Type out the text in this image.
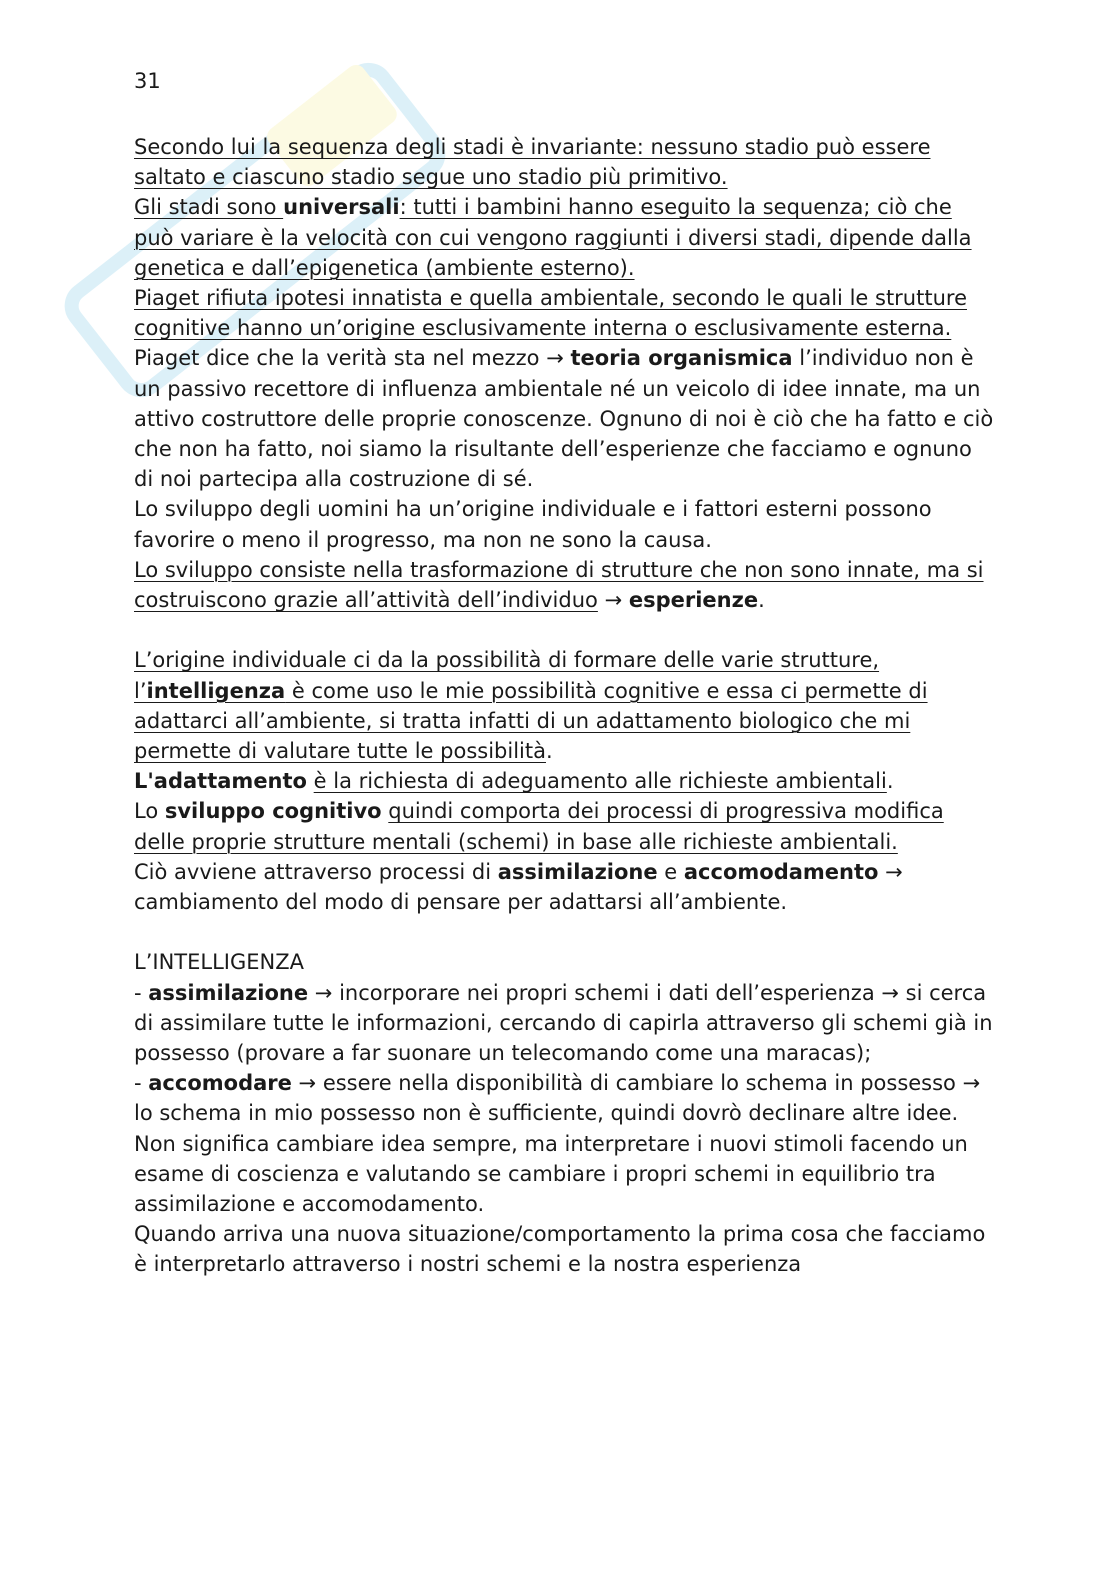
31

Secondo lui la sequenza degli stadi è invariante: nessuno stadio può essere saltato e ciascuno stadio segue uno stadio più primitivo.

Gli stadi sono universali: tutti i bambini hanno eseguito la sequenza; ciò che può variare è la velocità con cui vengono raggiunti i diversi stadi, dipende dalla genetica e dall’epigenetica (ambiente esterno).

Piaget rifiuta ipotesi innatista e quella ambientale, secondo le quali le strutture cognitive hanno un’origine esclusivamente interna o esclusivamente esterna.

Piaget dice che la verità sta nel mezzo → teoria organismica l’individuo non è un passivo recettore di influenza ambientale né un veicolo di idee innate, ma un attivo costruttore delle proprie conoscenze. Ognuno di noi è ciò che ha fatto e ciò che non ha fatto, noi siamo la risultante dell’esperienze che facciamo e ognuno di noi partecipa alla costruzione di sé.

Lo sviluppo degli uomini ha un’origine individuale e i fattori esterni possono favorire o meno il progresso, ma non ne sono la causa.

Lo sviluppo consiste nella trasformazione di strutture che non sono innate, ma si costruiscono grazie all’attività dell’individuo → esperienze.

L’origine individuale ci da la possibilità di formare delle varie strutture, l’intelligenza è come uso le mie possibilità cognitive e essa ci permette di adattarci all’ambiente, si tratta infatti di un adattamento biologico che mi permette di valutare tutte le possibilità.

L'adattamento è la richiesta di adeguamento alle richieste ambientali.

Lo sviluppo cognitivo quindi comporta dei processi di progressiva modifica delle proprie strutture mentali (schemi) in base alle richieste ambientali.

Ciò avviene attraverso processi di assimilazione e accomodamento → cambiamento del modo di pensare per adattarsi all’ambiente.

L’INTELLIGENZA

- assimilazione → incorporare nei propri schemi i dati dell’esperienza → si cerca di assimilare tutte le informazioni, cercando di capirla attraverso gli schemi già in possesso (provare a far suonare un telecomando come una maracas);

- accomodare → essere nella disponibilità di cambiare lo schema in possesso → lo schema in mio possesso non è sufficiente, quindi dovrò declinare altre idee. Non significa cambiare idea sempre, ma interpretare i nuovi stimoli facendo un esame di coscienza e valutando se cambiare i propri schemi in equilibrio tra assimilazione e accomodamento.

Quando arriva una nuova situazione/comportamento la prima cosa che facciamo è interpretarlo attraverso i nostri schemi e la nostra esperienza
